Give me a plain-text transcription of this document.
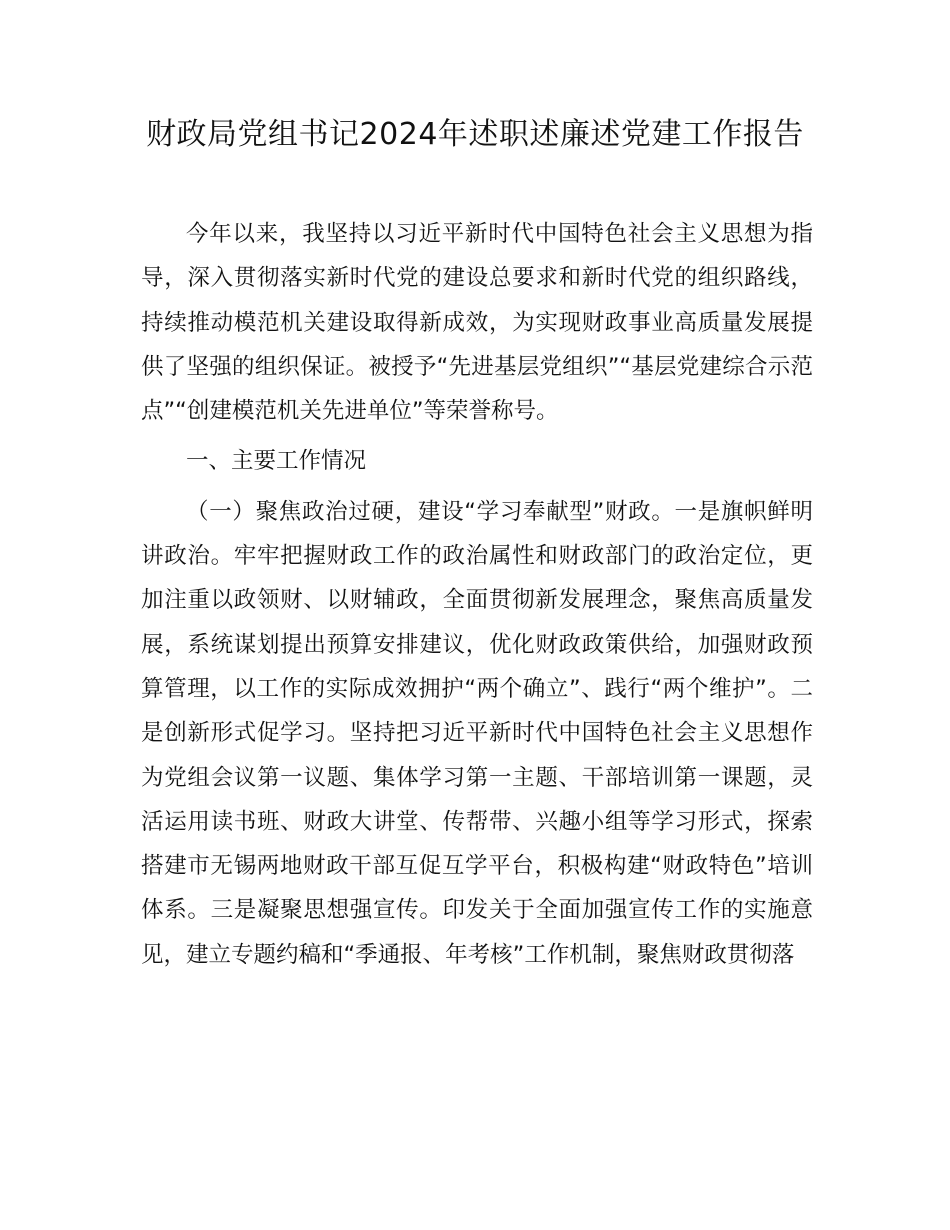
财政局党组书记2024年述职述廉述党建工作报告

今年以来，我坚持以习近平新时代中国特色社会主义思想为指导，深入贯彻落实新时代党的建设总要求和新时代党的组织路线，持续推动模范机关建设取得新成效，为实现财政事业高质量发展提供了坚强的组织保证。被授予“先进基层党组织”“基层党建综合示范点”“创建模范机关先进单位”等荣誉称号。

一、主要工作情况

（一）聚焦政治过硬，建设“学习奉献型”财政。一是旗帜鲜明讲政治。牢牢把握财政工作的政治属性和财政部门的政治定位，更加注重以政领财、以财辅政，全面贯彻新发展理念，聚焦高质量发展，系统谋划提出预算安排建议，优化财政政策供给，加强财政预算管理，以工作的实际成效拥护“两个确立”、践行“两个维护”。二是创新形式促学习。坚持把习近平新时代中国特色社会主义思想作为党组会议第一议题、集体学习第一主题、干部培训第一课题，灵活运用读书班、财政大讲堂、传帮带、兴趣小组等学习形式，探索搭建市无锡两地财政干部互促互学平台，积极构建“财政特色”培训体系。三是凝聚思想强宣传。印发关于全面加强宣传工作的实施意见，建立专题约稿和“季通报、年考核”工作机制，聚焦财政贯彻落
